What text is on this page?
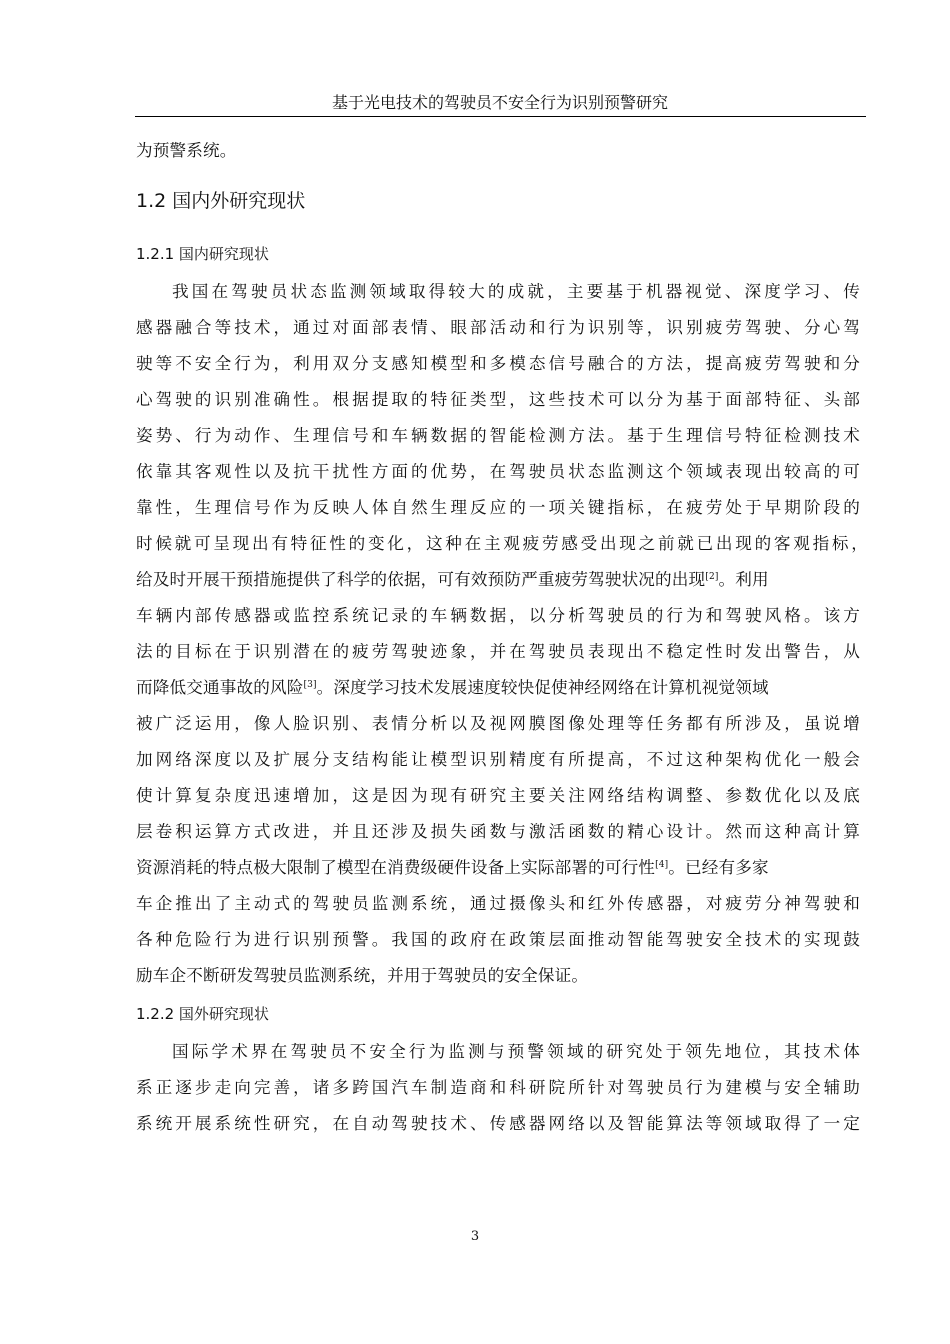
基于光电技术的驾驶员不安全行为识别预警研究
为预警系统。
1.2 国内外研究现状
1.2.1 国内研究现状
我国在驾驶员状态监测领域取得较大的成就，主要基于机器视觉、深度学习、传
感器融合等技术，通过对面部表情、眼部活动和行为识别等，识别疲劳驾驶、分心驾
驶等不安全行为，利用双分支感知模型和多模态信号融合的方法，提高疲劳驾驶和分
心驾驶的识别准确性。根据提取的特征类型，这些技术可以分为基于面部特征、头部
姿势、行为动作、生理信号和车辆数据的智能检测方法。基于生理信号特征检测技术
依靠其客观性以及抗干扰性方面的优势，在驾驶员状态监测这个领域表现出较高的可
靠性，生理信号作为反映人体自然生理反应的一项关键指标，在疲劳处于早期阶段的
时候就可呈现出有特征性的变化，这种在主观疲劳感受出现之前就已出现的客观指标，
给及时开展干预措施提供了科学的依据，可有效预防严重疲劳驾驶状况的出现[2]。利用
车辆内部传感器或监控系统记录的车辆数据，以分析驾驶员的行为和驾驶风格。该方
法的目标在于识别潜在的疲劳驾驶迹象，并在驾驶员表现出不稳定性时发出警告，从
而降低交通事故的风险[3]。深度学习技术发展速度较快促使神经网络在计算机视觉领域
被广泛运用，像人脸识别、表情分析以及视网膜图像处理等任务都有所涉及，虽说增
加网络深度以及扩展分支结构能让模型识别精度有所提高，不过这种架构优化一般会
使计算复杂度迅速增加，这是因为现有研究主要关注网络结构调整、参数优化以及底
层卷积运算方式改进，并且还涉及损失函数与激活函数的精心设计。然而这种高计算
资源消耗的特点极大限制了模型在消费级硬件设备上实际部署的可行性[4]。已经有多家
车企推出了主动式的驾驶员监测系统，通过摄像头和红外传感器，对疲劳分神驾驶和
各种危险行为进行识别预警。我国的政府在政策层面推动智能驾驶安全技术的实现鼓
励车企不断研发驾驶员监测系统，并用于驾驶员的安全保证。
1.2.2 国外研究现状
国际学术界在驾驶员不安全行为监测与预警领域的研究处于领先地位，其技术体
系正逐步走向完善，诸多跨国汽车制造商和科研院所针对驾驶员行为建模与安全辅助
系统开展系统性研究，在自动驾驶技术、传感器网络以及智能算法等领域取得了一定
3
